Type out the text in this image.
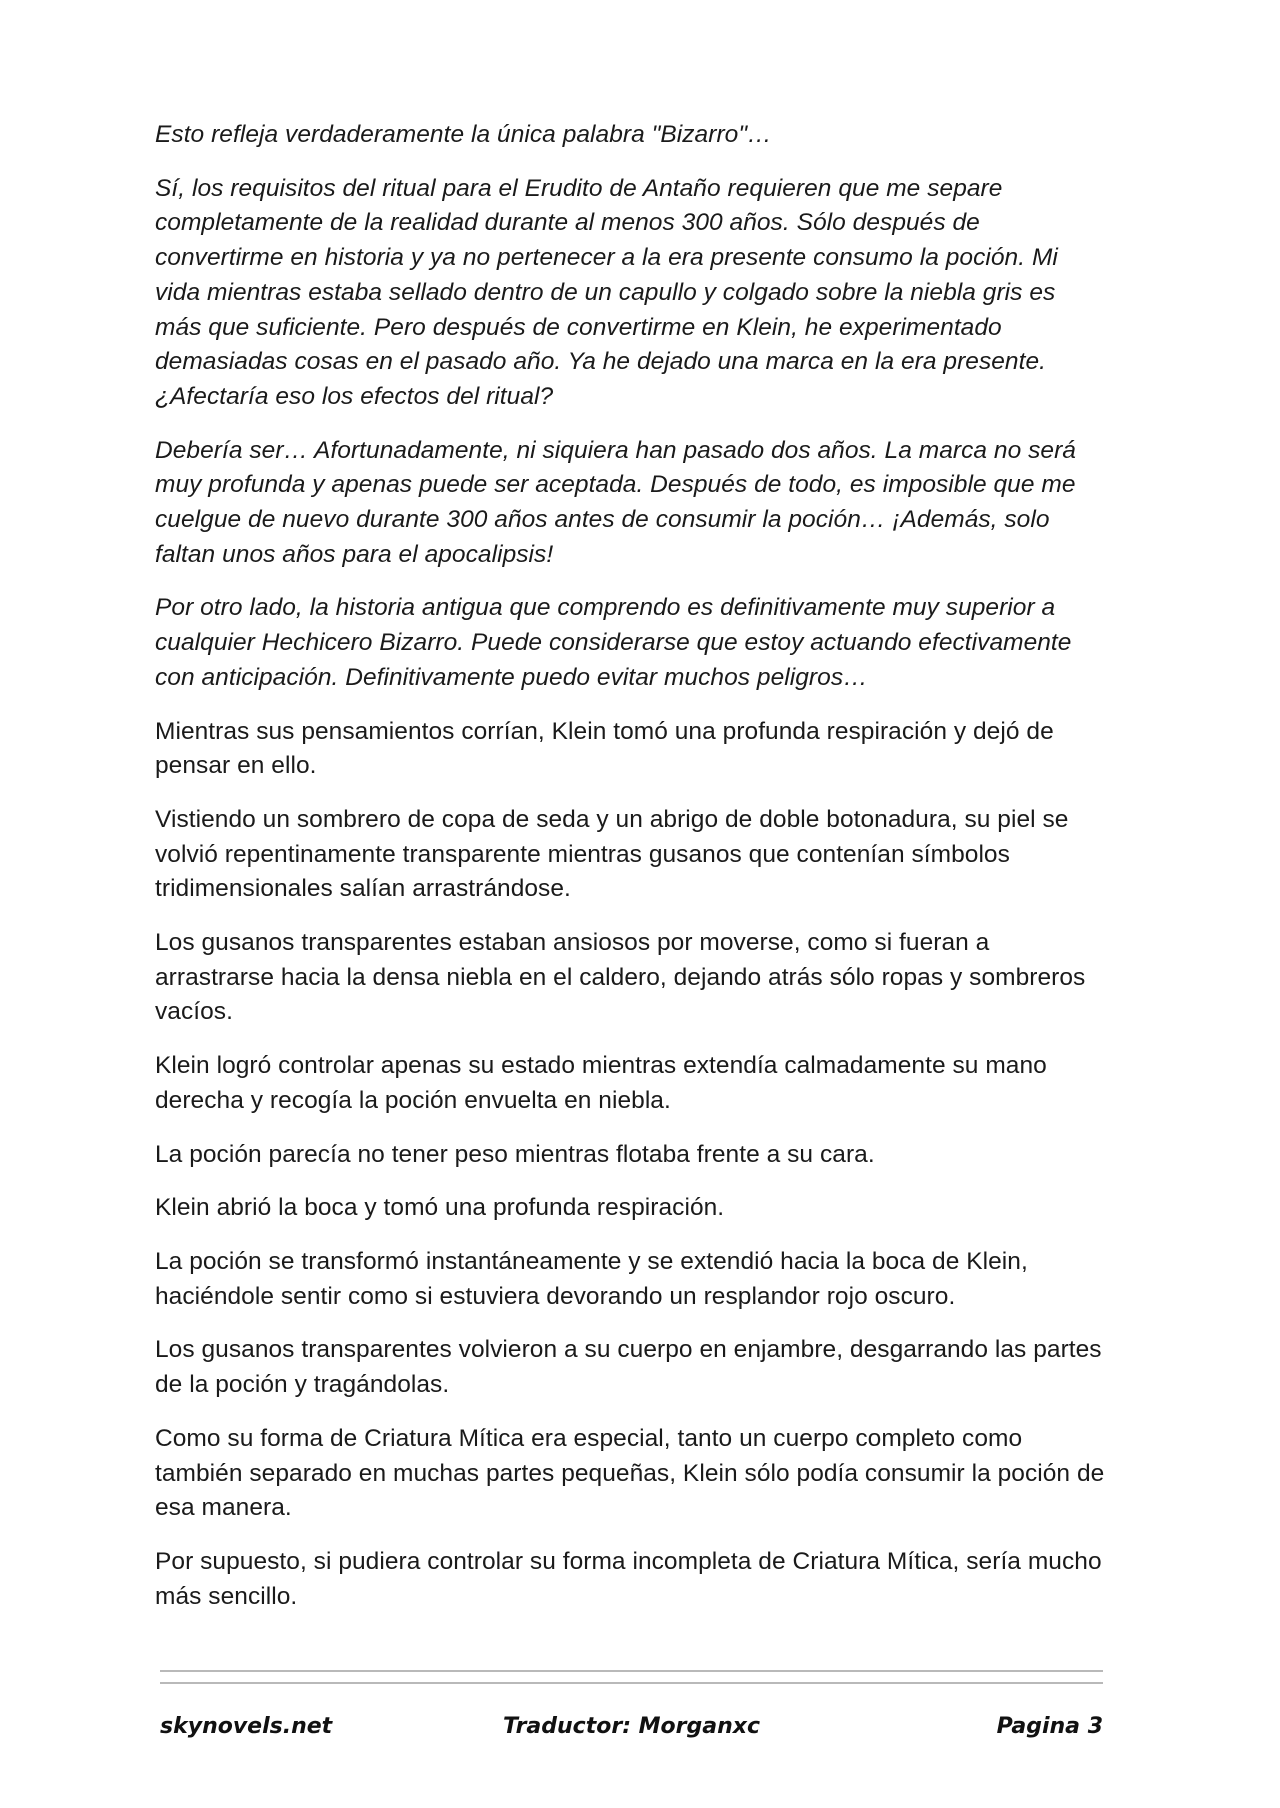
Esto refleja verdaderamente la única palabra "Bizarro"…

Sí, los requisitos del ritual para el Erudito de Antaño requieren que me separe completamente de la realidad durante al menos 300 años. Sólo después de convertirme en historia y ya no pertenecer a la era presente consumo la poción. Mi vida mientras estaba sellado dentro de un capullo y colgado sobre la niebla gris es más que suficiente. Pero después de convertirme en Klein, he experimentado demasiadas cosas en el pasado año. Ya he dejado una marca en la era presente. ¿Afectaría eso los efectos del ritual?

Debería ser… Afortunadamente, ni siquiera han pasado dos años. La marca no será muy profunda y apenas puede ser aceptada. Después de todo, es imposible que me cuelgue de nuevo durante 300 años antes de consumir la poción… ¡Además, solo faltan unos años para el apocalipsis!

Por otro lado, la historia antigua que comprendo es definitivamente muy superior a cualquier Hechicero Bizarro. Puede considerarse que estoy actuando efectivamente con anticipación. Definitivamente puedo evitar muchos peligros…

Mientras sus pensamientos corrían, Klein tomó una profunda respiración y dejó de pensar en ello.

Vistiendo un sombrero de copa de seda y un abrigo de doble botonadura, su piel se volvió repentinamente transparente mientras gusanos que contenían símbolos tridimensionales salían arrastrándose.

Los gusanos transparentes estaban ansiosos por moverse, como si fueran a arrastrarse hacia la densa niebla en el caldero, dejando atrás sólo ropas y sombreros vacíos.

Klein logró controlar apenas su estado mientras extendía calmadamente su mano derecha y recogía la poción envuelta en niebla.

La poción parecía no tener peso mientras flotaba frente a su cara.

Klein abrió la boca y tomó una profunda respiración.

La poción se transformó instantáneamente y se extendió hacia la boca de Klein, haciéndole sentir como si estuviera devorando un resplandor rojo oscuro.

Los gusanos transparentes volvieron a su cuerpo en enjambre, desgarrando las partes de la poción y tragándolas.

Como su forma de Criatura Mítica era especial, tanto un cuerpo completo como también separado en muchas partes pequeñas, Klein sólo podía consumir la poción de esa manera.

Por supuesto, si pudiera controlar su forma incompleta de Criatura Mítica, sería mucho más sencillo.

skynovels.net	Traductor: Morganxc	Pagina 3
